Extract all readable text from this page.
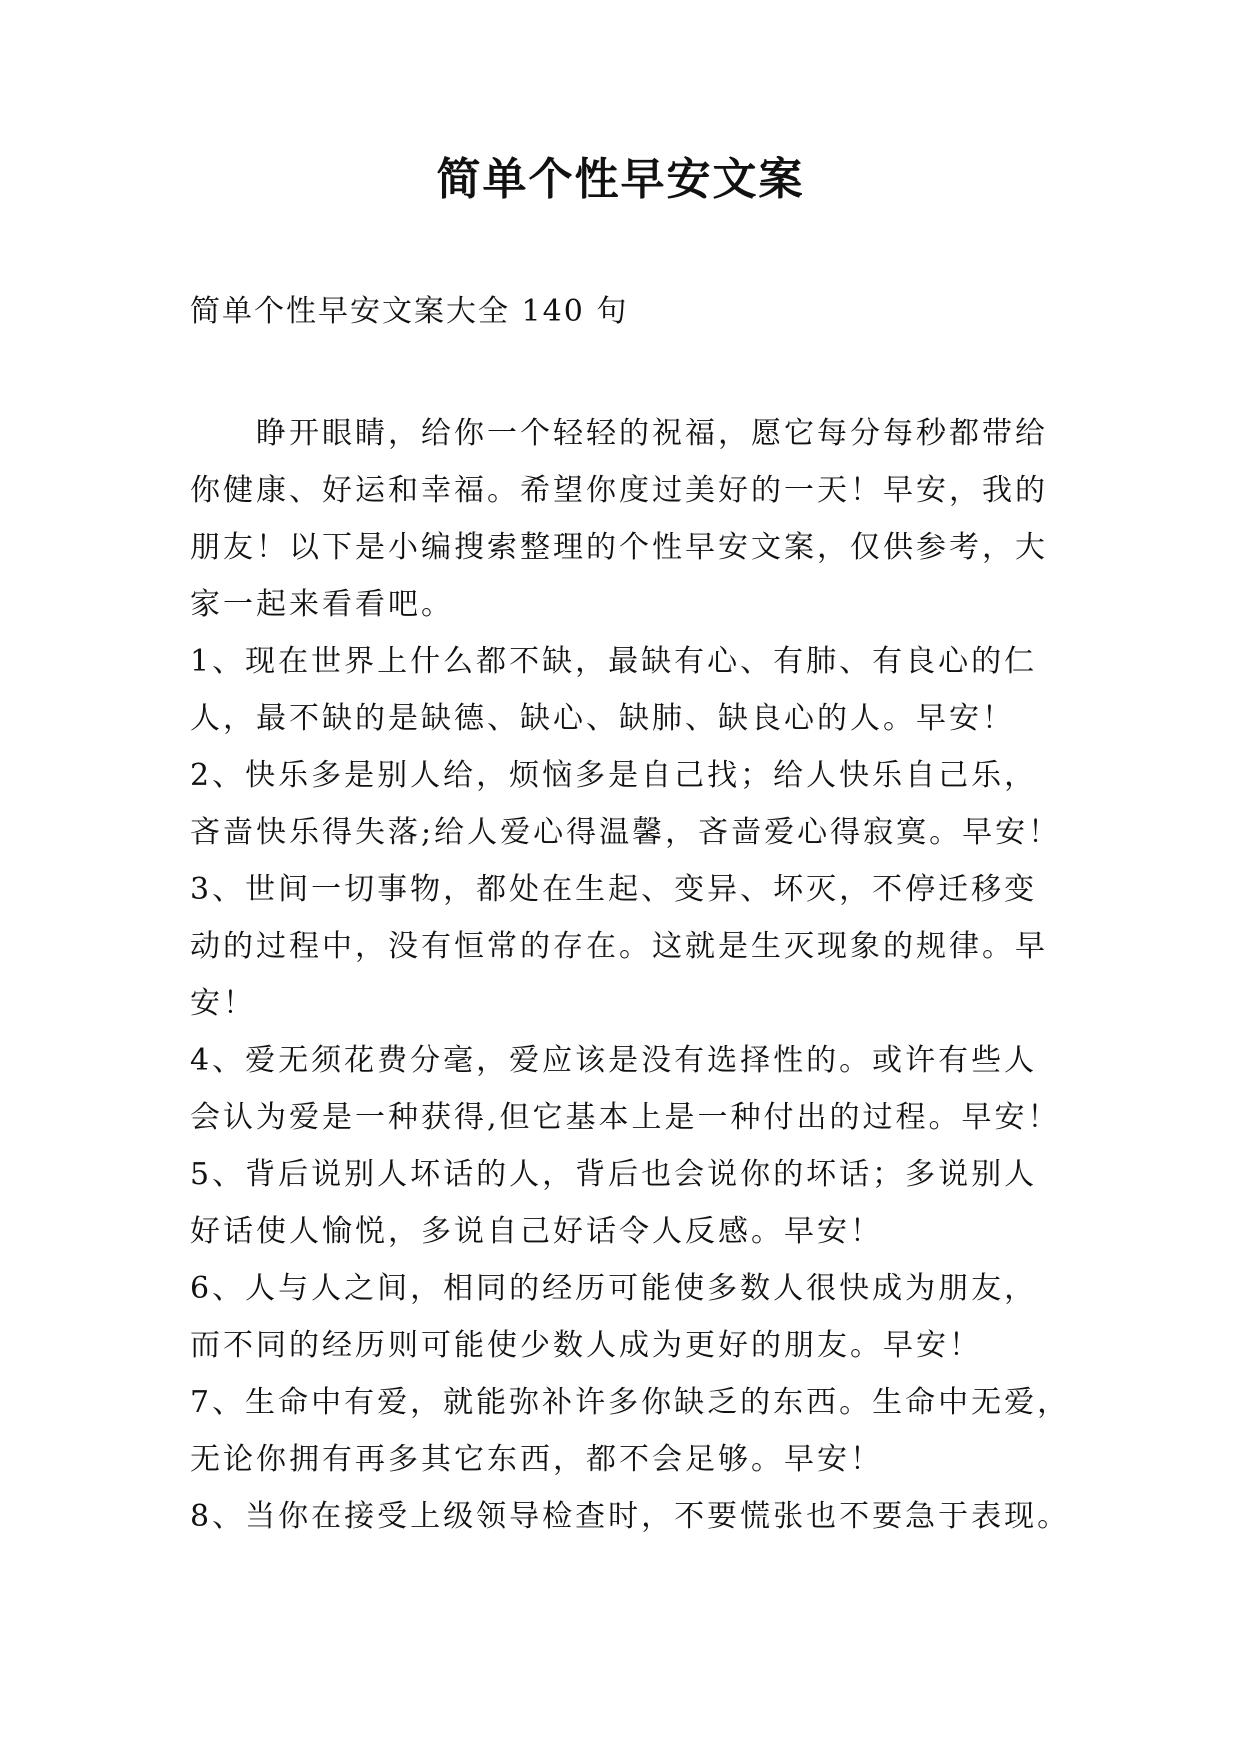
简单个性早安文案
简单个性早安文案大全 140 句
睁开眼睛，给你一个轻轻的祝福，愿它每分每秒都带给
你健康、好运和幸福。希望你度过美好的一天！早安，我的
朋友！以下是小编搜索整理的个性早安文案，仅供参考，大
家一起来看看吧。
1、现在世界上什么都不缺，最缺有心、有肺、有良心的仁
人，最不缺的是缺德、缺心、缺肺、缺良心的人。早安！
2、快乐多是别人给，烦恼多是自己找；给人快乐自己乐，
吝啬快乐得失落;给人爱心得温馨，吝啬爱心得寂寞。早安！
3、世间一切事物，都处在生起、变异、坏灭，不停迁移变
动的过程中，没有恒常的存在。这就是生灭现象的规律。早
安！
4、爱无须花费分毫，爱应该是没有选择性的。或许有些人
会认为爱是一种获得,但它基本上是一种付出的过程。早安！
5、背后说别人坏话的人，背后也会说你的坏话；多说别人
好话使人愉悦，多说自己好话令人反感。早安！
6、人与人之间，相同的经历可能使多数人很快成为朋友，
而不同的经历则可能使少数人成为更好的朋友。早安！
7、生命中有爱，就能弥补许多你缺乏的东西。生命中无爱，
无论你拥有再多其它东西，都不会足够。早安！
8、当你在接受上级领导检查时，不要慌张也不要急于表现。
